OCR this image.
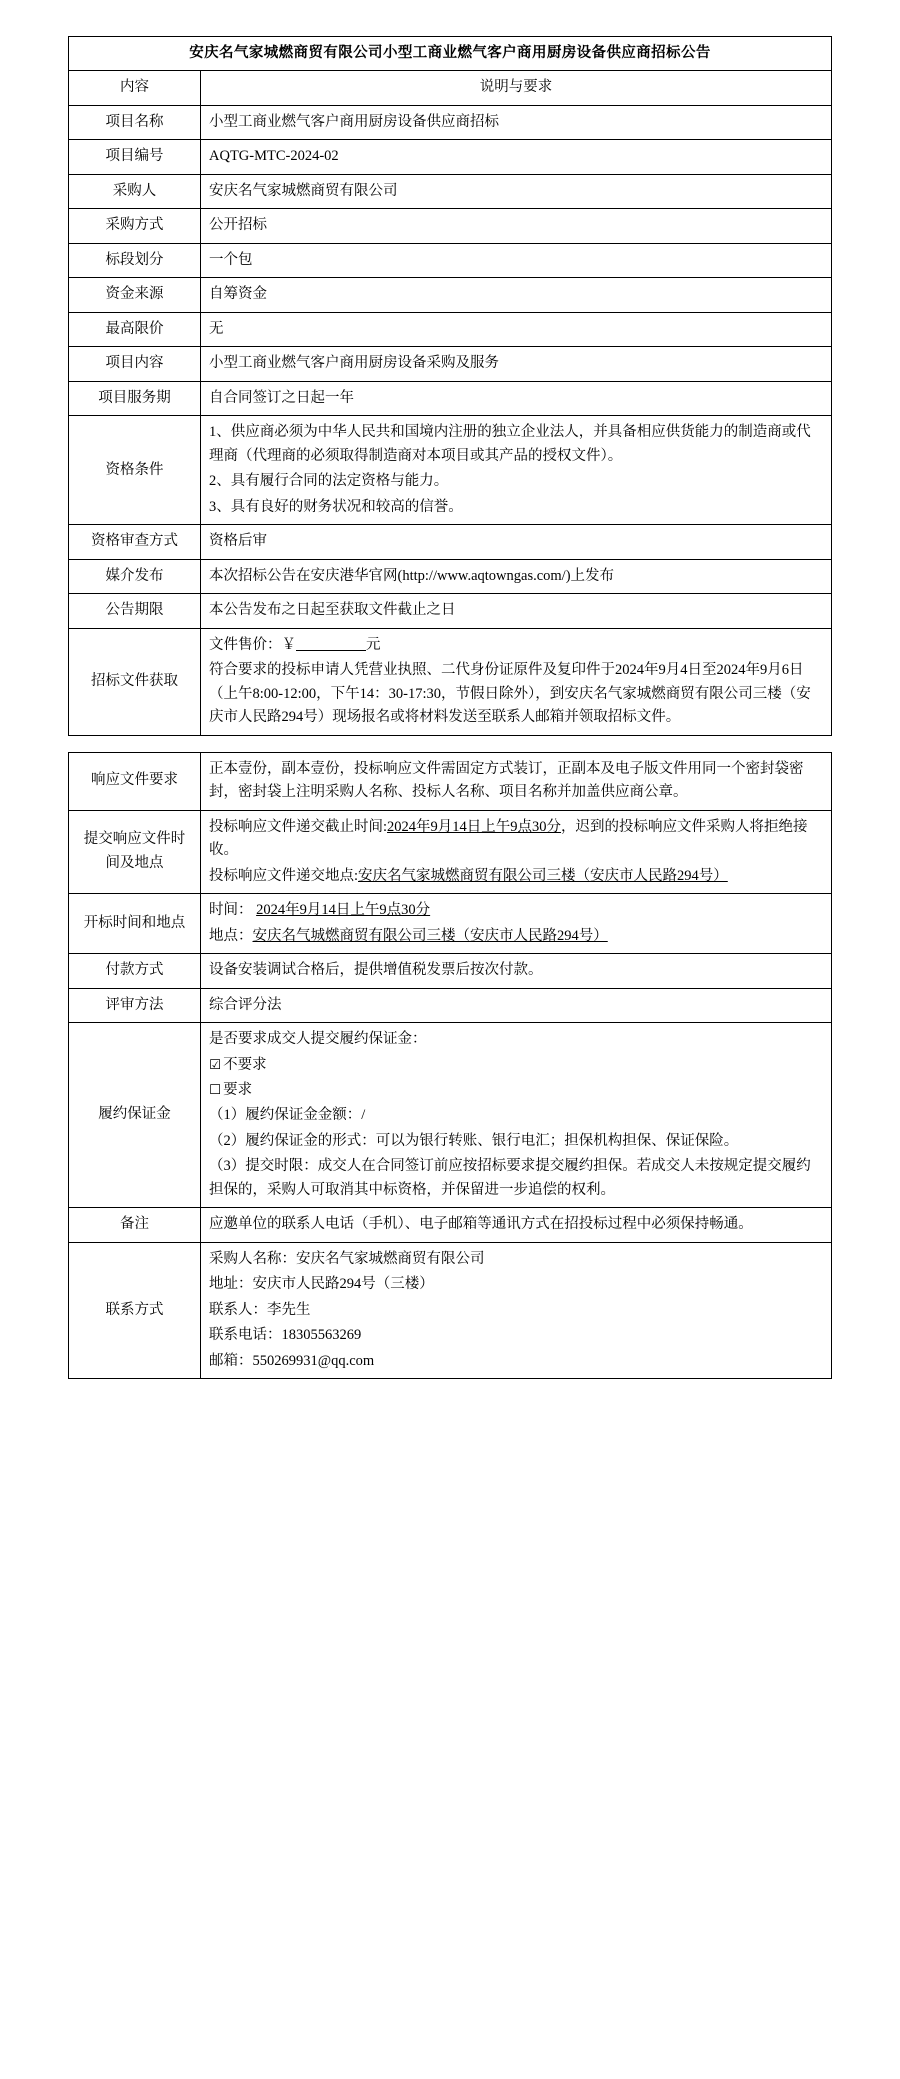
安庆名气家城燃商贸有限公司小型工商业燃气客户商用厨房设备供应商招标公告	
内容	说明与要求
项目名称	小型工商业燃气客户商用厨房设备供应商招标
项目编号	AQTG-MTC-2024-02
采购人	安庆名气家城燃商贸有限公司
采购方式	公开招标
标段划分	一个包
资金来源	自筹资金
最高限价	无
项目内容	小型工商业燃气客户商用厨房设备采购及服务
项目服务期	自合同签订之日起一年
资格条件	1、供应商必须为中华人民共和国境内注册的独立企业法人，并具备相应供货能力的制造商或代理商（代理商的必须取得制造商对本项目或其产品的授权文件）。

2、具有履行合同的法定资格与能力。

3、具有良好的财务状况和较高的信誉。

资格审查方式	资格后审
媒介发布	本次招标公告在安庆港华官网(http://www.aqtowngas.com/)上发布
公告期限	本公告发布之日起至获取文件截止之日
招标文件获取	文件售价：￥ 元

符合要求的投标申请人凭营业执照、二代身份证原件及复印件于2024年9月4日至2024年9月6日（上午8:00-12:00，下午14：30-17:30，节假日除外），到安庆名气家城燃商贸有限公司三楼（安庆市人民路294号）现场报名或将材料发送至联系人邮箱并领取招标文件。

响应文件要求	正本壹份，副本壹份，投标响应文件需固定方式装订，正副本及电子版文件用同一个密封袋密封，密封袋上注明采购人名称、投标人名称、项目名称并加盖供应商公章。
提交响应文件时间及地点	投标响应文件递交截止时间:2024年9月14日上午9点30分，迟到的投标响应文件采购人将拒绝接收。

投标响应文件递交地点:安庆名气家城燃商贸有限公司三楼（安庆市人民路294号）

开标时间和地点	时间： 2024年9月14日上午9点30分

地点：安庆名气城燃商贸有限公司三楼（安庆市人民路294号）

付款方式	设备安装调试合格后，提供增值税发票后按次付款。
评审方法	综合评分法
履约保证金	

是否要求成交人提交履约保证金：

☑ 不要求

☐ 要求

（1）履约保证金金额：/

（2）履约保证金的形式：可以为银行转账、银行电汇；担保机构担保、保证保险。

（3）提交时限：成交人在合同签订前应按招标要求提交履约担保。若成交人未按规定提交履约担保的，采购人可取消其中标资格，并保留进一步追偿的权利。

备注	应邀单位的联系人电话（手机）、电子邮箱等通讯方式在招投标过程中必须保持畅通。
联系方式	采购人名称：安庆名气家城燃商贸有限公司

地址：安庆市人民路294号（三楼）

联系人：李先生

联系电话：18305563269

邮箱：550269931@qq.com
